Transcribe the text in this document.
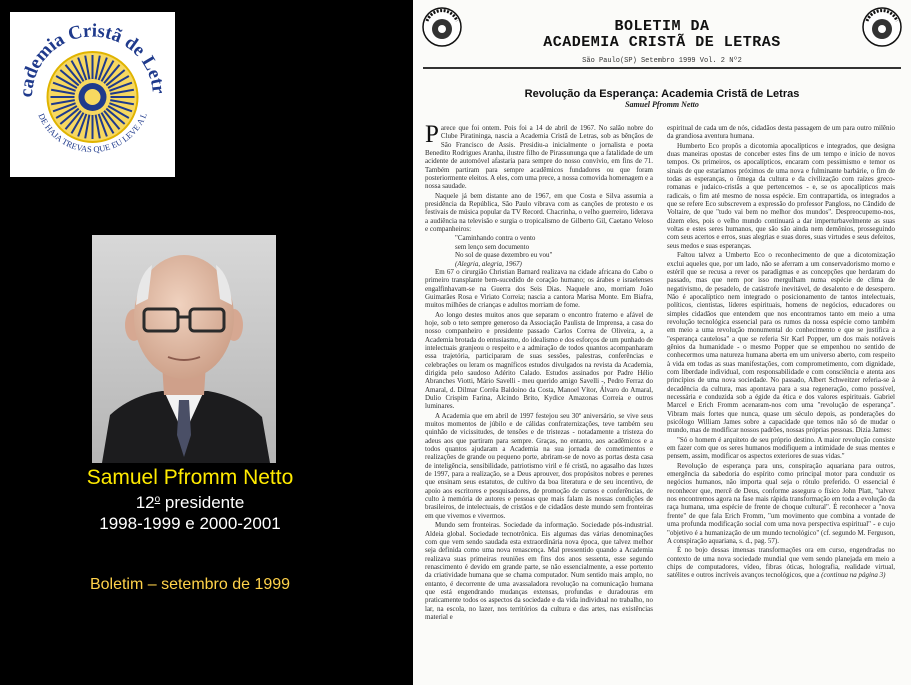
cademia Cristã de Letr
DE HAJA TREVAS QUE EU LEVE A L
Samuel Pfromm Netto
12$^o$ presidente
1998-1999 e 2000-2001
Boletim – setembro de 1999
BOLETIM DA
ACADEMIA CRISTÃ DE LETRAS
São Paulo(SP) Setembro 1999 Vol. 2 Nº2
Revolução da Esperança: Academia Cristã de Letras
Samuel Pfromm Netto

Parece que foi ontem. Pois foi a 14 de abril de 1967. No salão nobre do Clube Piratininga, nascia a Academia Cristã de Letras, sob as bênçãos de São Francisco de Assis. Presidiu-a inicialmente o jornalista e poeta Benedito Rodrigues Aranha, ilustre filho de Pirassununga que a fatalidade de um acidente de automóvel afastaria para sempre do nosso convívio, em fins de 71. Também partiram para sempre acadêmicos fundadores ou que foram posteriormente eleitos. A eles, com uma prece, a nossa comovida homenagem e a nossa saudade.

Naquele já bem distante ano de 1967, em que Costa e Silva assumia a presidência da República, São Paulo vibrava com as canções de protesto e os festivais de música popular da TV Record. Chacrinha, o velho guerreiro, liderava a audiência na televisão e surgia o tropicalismo de Gilberto Gil, Caetano Veloso e companheiros:

"Caminhando contra o vento
sem lenço sem documento
No sol de quase dezembro eu vou"
(Alegria, alegria, 1967)

Em 67 o cirurgião Christian Barnard realizava na cidade africana do Cabo o primeiro transplante bem-sucedido de coração humano; os árabes e israelenses engalfinhavam-se na Guerra dos Seis Dias. Naquele ano, morriam João Guimarães Rosa e Viriato Correia; nascia a cantora Marisa Monte. Em Biafra, muitos milhões de crianças e adultos morriam de fome.

Ao longo destes muitos anos que separam o encontro fraterno e afável de hoje, sob o teto sempre generoso da Associação Paulista de Imprensa, a casa do nosso companheiro e presidente passado Carlos Correa de Oliveira, a, a Academia brotada do entusiasmo, do idealismo e dos esforços de um punhado de intelectuais granjeou o respeito e a admiração de todos quantos acompanharam essa trajetória, participaram de suas sessões, palestras, conferências e celebrações ou leram os magníficos estudos divulgados na revista da Academia, dirigida pelo saudoso Adérito Calado. Estudos assinados por Padre Hélio Abranches Viotti, Mário Savelli - meu querido amigo Savelli -, Pedro Ferraz do Amaral, d. Dilmar Corrêa Baldoino da Costa, Manoel Vítor, Álvaro do Amaral, Dulio Crispim Farina, Alcindo Brito, Kydice Amazonas Correia e outros luminares.

A Academia que em abril de 1997 festejou seu 30º aniversário, se vive seus muitos momentos de júbilo e de cálidas confraternizações, teve também seu quinhão de vicissitudes, de tensões e de tristezas - notadamente a tristeza do adeus aos que partiram para sempre. Graças, no entanto, aos acadêmicos e a todos quantos ajudaram a Academia na sua jornada de cometimentos e realizações de grande ou pequeno porte, abriram-se de novo as portas desta casa de inteligência, sensibilidade, patriotismo viril e fé cristã, no agasalho das luzes de 1997, para a realização, se a Deus aprouver, dos propósitos nobres e perenes que ensinam seus estatutos, de cultivo da boa literatura e de seu incentivo, de apoio aos escritores e pesquisadores, de promoção de cursos e conferências, de culto à memória de autores e pessoas que mais falam às nossas condições de brasileiros, de intelectuais, de cristãos e de cidadãos deste mundo sem fronteiras em que vivemos e vivermos.

Mundo sem fronteiras. Sociedade da informação. Sociedade pós-industrial. Aldeia global. Sociedade tecnotrônica. Eis algumas das várias denominações com que vem sendo saudada esta extraordinária nova época, que talvez melhor seja definida como uma nova renascença. Mal pressentido quando a Academia realizava suas primeiras reuniões em fins dos anos sessenta, esse segundo renascimento é devido em grande parte, se não essencialmente, a esse portento da criatividade humana que se chama computador. Num sentido mais amplo, no entanto, é decorrente de uma avassaladora revolução na comunicação humana que está engendrando mudanças extensas, profundas e duradouras em praticamente todos os aspectos da sociedade e da vida individual no trabalho, no lar, na escola, no lazer, nos territórios da cultura e das artes, nas existências material e

espiritual de cada um de nós, cidadãos desta passagem de um para outro milênio da grandiosa aventura humana.

Humberto Eco propôs a dicotomia apocalípticos e integrados, que designa duas maneiras opostas de conceber estes fins de um tempo e início de novos tempos. Os primeiros, os apocalípticos, encaram com pessimismo e temor os sinais de que estaríamos próximos de uma nova e fulminante barbárie, o fim de todas as esperanças, o ômega da cultura e da civilização com raízes greco-romanas e judaico-cristãs a que pertencemos - e, se os apocalípticos mais radicais, o fim até mesmo de nossa espécie. Em contrapartida, os integrados a que se refere Eco subscrevem a expressão do professor Pangloss, no Cândido de Voltaire, de que "tudo vai bem no melhor dos mundos". Despreocupemo-nos, dizem eles, pois o velho mundo continuará a dar imperturbavelmente as suas voltas e estes seres humanos, que são são ainda nem demônios, prosseguindo com seus acertos e erros, suas alegrias e suas dores, suas virtudes e seus defeitos, seus medos e suas esperanças.

Faltou talvez a Umberto Eco o reconhecimento de que a dicotomização exclui aqueles que, por um lado, não se aferram a um conservadorismo morno e estéril que se recusa a rever os paradigmas e as concepções que herdaram do passado, mas que nem por isso mergulham numa espécie de clima de negativismo, de pesadelo, de catástrofe inevitável, de desalento e de desespero. Não é apocalíptico nem integrado o posicionamento de tantos intelectuais, políticos, cientistas, líderes espirituais, homens de negócios, educadores ou simples cidadãos que entendem que nos encontramos tanto em meio a uma revolução tecnológica essencial para os rumos da nossa espécie como também em meio a uma revolução monumental do conhecimento e que se justifica a "esperança cautelosa" a que se referia Sir Karl Popper, um dos mais notáveis gênios da humanidade - o mesmo Popper que se empenhou no sentido de conhecermos uma natureza humana aberta em um universo aberto, com respeito à vida em todas as suas manifestações, com comprometimento, com dignidade, com liberdade individual, com responsabilidade e com consciência e atenta aos princípios de uma nova sociedade. No passado, Albert Schweitzer referia-se à decadência da cultura, mas apontava para a sua regeneração, como possível, necessária e conduzida sob a égide da ética e dos valores espirituais. Gabriel Marcel e Erich Fromm acenaram-nos com uma "revolução de esperança". Vibram mais fortes que nunca, quase um século depois, as ponderações do psicólogo William James sobre a capacidade que temos não só de mudar o mundo, mas de modificar nossos padrões, nossas próprias pessoas. Dizia James:

"Só o homem é arquiteto de seu próprio destino. A maior revolução consiste em fazer com que os seres humanos modifiquem a intimidade de suas mentes e pensem, assim, modificar os aspectos exteriores de suas vidas."

Revolução de esperança para uns, conspiração aquariana para outros, emergência da sabedoria do espírito como principal motor para conduzir os negócios humanos, não importa qual seja o rótulo preferido. O essencial é reconhecer que, mercê de Deus, conforme assegura o físico John Platt, "talvez nos encontremos agora na fase mais rápida transformação em toda a evolução da raça humana, uma espécie de frente de choque cultural". É reconhecer a "nova frente" de que fala Erich Fromm, "um movimento que combina a vontade de uma profunda modificação social com uma nova perspectiva espiritual" - e cujo "objetivo é a humanização de um mundo tecnológico" (cf. segundo M. Ferguson, A conspiração aquariana, s. d., pag. 57).

É no bojo dessas imensas transformações ora em curso, engendradas no contexto de uma nova sociedade mundial que vem sendo planejada em meio a chips de computadores, vídeo, fibras óticas, holografia, realidade virtual, satélites e outros incríveis avanços tecnológicos, que a (continua na página 3)
